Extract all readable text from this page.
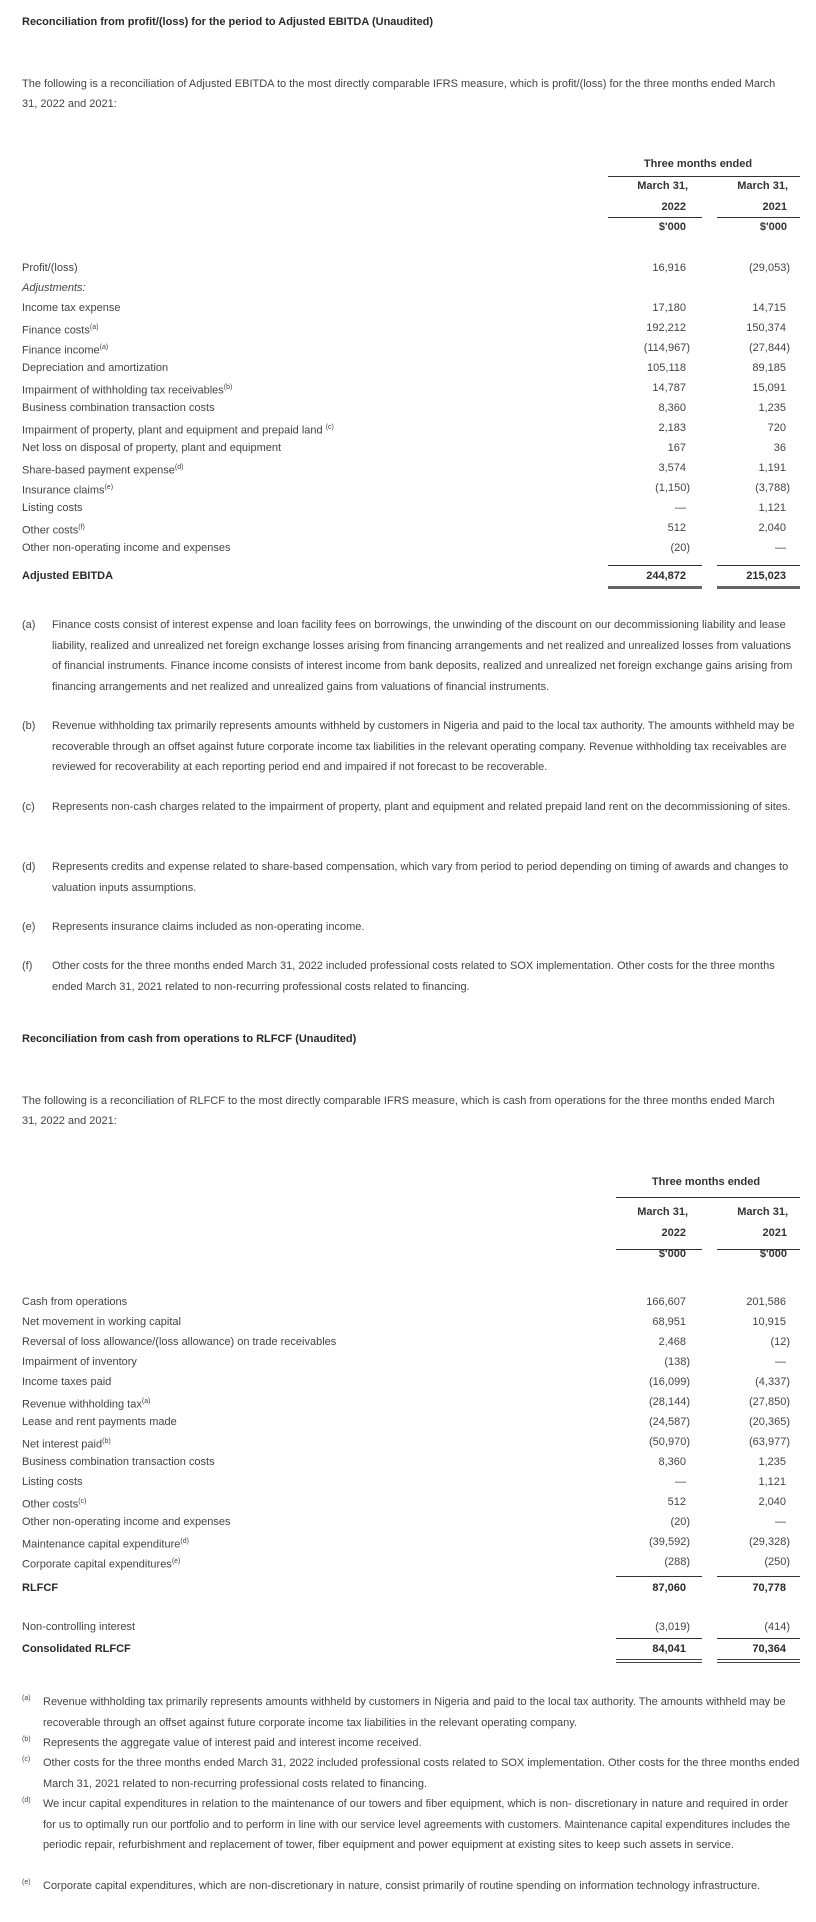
Reconciliation from profit/(loss) for the period to Adjusted EBITDA (Unaudited)
The following is a reconciliation of Adjusted EBITDA to the most directly comparable IFRS measure, which is profit/(loss) for the three months ended March 31, 2022 and 2021:
Three months ended
March 31,	March 31,
2022	2021
$'000	$'000
Profit/(loss)	16,916	(29,053)
Adjustments:
Income tax expense	17,180	14,715
Finance costs$^{(a)}$	192,212	150,374
Finance income$^{(a)}$	(114,967)	(27,844)
Depreciation and amortization	105,118	89,185
Impairment of withholding tax receivables$^{(b)}$	14,787	15,091
Business combination transaction costs	8,360	1,235
Impairment of property, plant and equipment and prepaid land $^{(c)}$	2,183	720
Net loss on disposal of property, plant and equipment	167	36
Share-based payment expense$^{(d)}$	3,574	1,191
Insurance claims$^{(e)}$	(1,150)	(3,788)
Listing costs	—	1,121
Other costs$^{(f)}$	512	2,040
Other non-operating income and expenses	(20)	—
Adjusted EBITDA	244,872	215,023
(a) Finance costs consist of interest expense and loan facility fees on borrowings, the unwinding of the discount on our decommissioning liability and lease liability, realized and unrealized net foreign exchange losses arising from financing arrangements and net realized and unrealized losses from valuations of financial instruments. Finance income consists of interest income from bank deposits, realized and unrealized net foreign exchange gains arising from financing arrangements and net realized and unrealized gains from valuations of financial instruments.
(b) Revenue withholding tax primarily represents amounts withheld by customers in Nigeria and paid to the local tax authority. The amounts withheld may be recoverable through an offset against future corporate income tax liabilities in the relevant operating company. Revenue withholding tax receivables are reviewed for recoverability at each reporting period end and impaired if not forecast to be recoverable.
(c) Represents non-cash charges related to the impairment of property, plant and equipment and related prepaid land rent on the decommissioning of sites.
(d) Represents credits and expense related to share-based compensation, which vary from period to period depending on timing of awards and changes to valuation inputs assumptions.
(e) Represents insurance claims included as non-operating income.
(f) Other costs for the three months ended March 31, 2022 included professional costs related to SOX implementation. Other costs for the three months ended March 31, 2021 related to non-recurring professional costs related to financing.
Reconciliation from cash from operations to RLFCF (Unaudited)
The following is a reconciliation of RLFCF to the most directly comparable IFRS measure, which is cash from operations for the three months ended March 31, 2022 and 2021:
Three months ended
March 31,	March 31,
2022	2021
$'000	$'000
Cash from operations	166,607	201,586
Net movement in working capital	68,951	10,915
Reversal of loss allowance/(loss allowance) on trade receivables	2,468	(12)
Impairment of inventory	(138)	—
Income taxes paid	(16,099)	(4,337)
Revenue withholding tax$^{(a)}$	(28,144)	(27,850)
Lease and rent payments made	(24,587)	(20,365)
Net interest paid$^{(b)}$	(50,970)	(63,977)
Business combination transaction costs	8,360	1,235
Listing costs	—	1,121
Other costs$^{(c)}$	512	2,040
Other non-operating income and expenses	(20)	—
Maintenance capital expenditure$^{(d)}$	(39,592)	(29,328)
Corporate capital expenditures$^{(e)}$	(288)	(250)
RLFCF	87,060	70,778
Non-controlling interest	(3,019)	(414)
Consolidated RLFCF	84,041	70,364
(a) Revenue withholding tax primarily represents amounts withheld by customers in Nigeria and paid to the local tax authority. The amounts withheld may be recoverable through an offset against future corporate income tax liabilities in the relevant operating company.
(b) Represents the aggregate value of interest paid and interest income received.
(c) Other costs for the three months ended March 31, 2022 included professional costs related to SOX implementation. Other costs for the three months ended March 31, 2021 related to non-recurring professional costs related to financing.
(d) We incur capital expenditures in relation to the maintenance of our towers and fiber equipment, which is non- discretionary in nature and required in order for us to optimally run our portfolio and to perform in line with our service level agreements with customers. Maintenance capital expenditures includes the periodic repair, refurbishment and replacement of tower, fiber equipment and power equipment at existing sites to keep such assets in service.
(e) Corporate capital expenditures, which are non-discretionary in nature, consist primarily of routine spending on information technology infrastructure.
